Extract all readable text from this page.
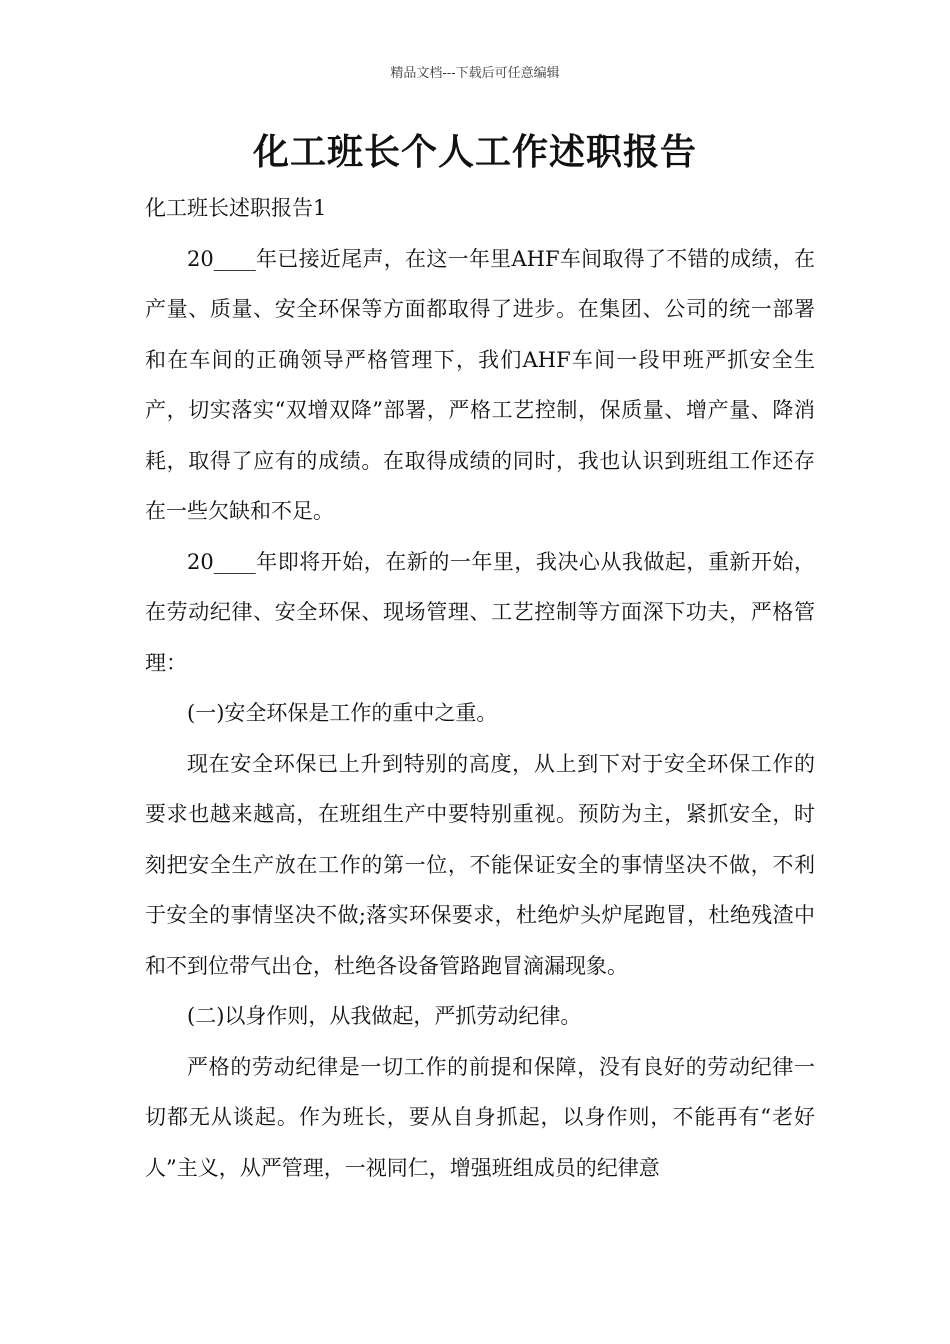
精品文档---下载后可任意编辑
化工班长个人工作述职报告

化工班长述职报告1

20____年已接近尾声，在这一年里AHF车间取得了不错的成绩，在产量、质量、安全环保等方面都取得了进步。在集团、公司的统一部署和在车间的正确领导严格管理下，我们AHF车间一段甲班严抓安全生产，切实落实“双增双降”部署，严格工艺控制，保质量、增产量、降消耗，取得了应有的成绩。在取得成绩的同时，我也认识到班组工作还存在一些欠缺和不足。

20____年即将开始，在新的一年里，我决心从我做起，重新开始，在劳动纪律、安全环保、现场管理、工艺控制等方面深下功夫，严格管理：

(一)安全环保是工作的重中之重。

现在安全环保已上升到特别的高度，从上到下对于安全环保工作的要求也越来越高，在班组生产中要特别重视。预防为主，紧抓安全，时刻把安全生产放在工作的第一位，不能保证安全的事情坚决不做，不利于安全的事情坚决不做;落实环保要求，杜绝炉头炉尾跑冒，杜绝残渣中和不到位带气出仓，杜绝各设备管路跑冒滴漏现象。

(二)以身作则，从我做起，严抓劳动纪律。

严格的劳动纪律是一切工作的前提和保障，没有良好的劳动纪律一切都无从谈起。作为班长，要从自身抓起，以身作则，不能再有“老好人”主义，从严管理，一视同仁，增强班组成员的纪律意
